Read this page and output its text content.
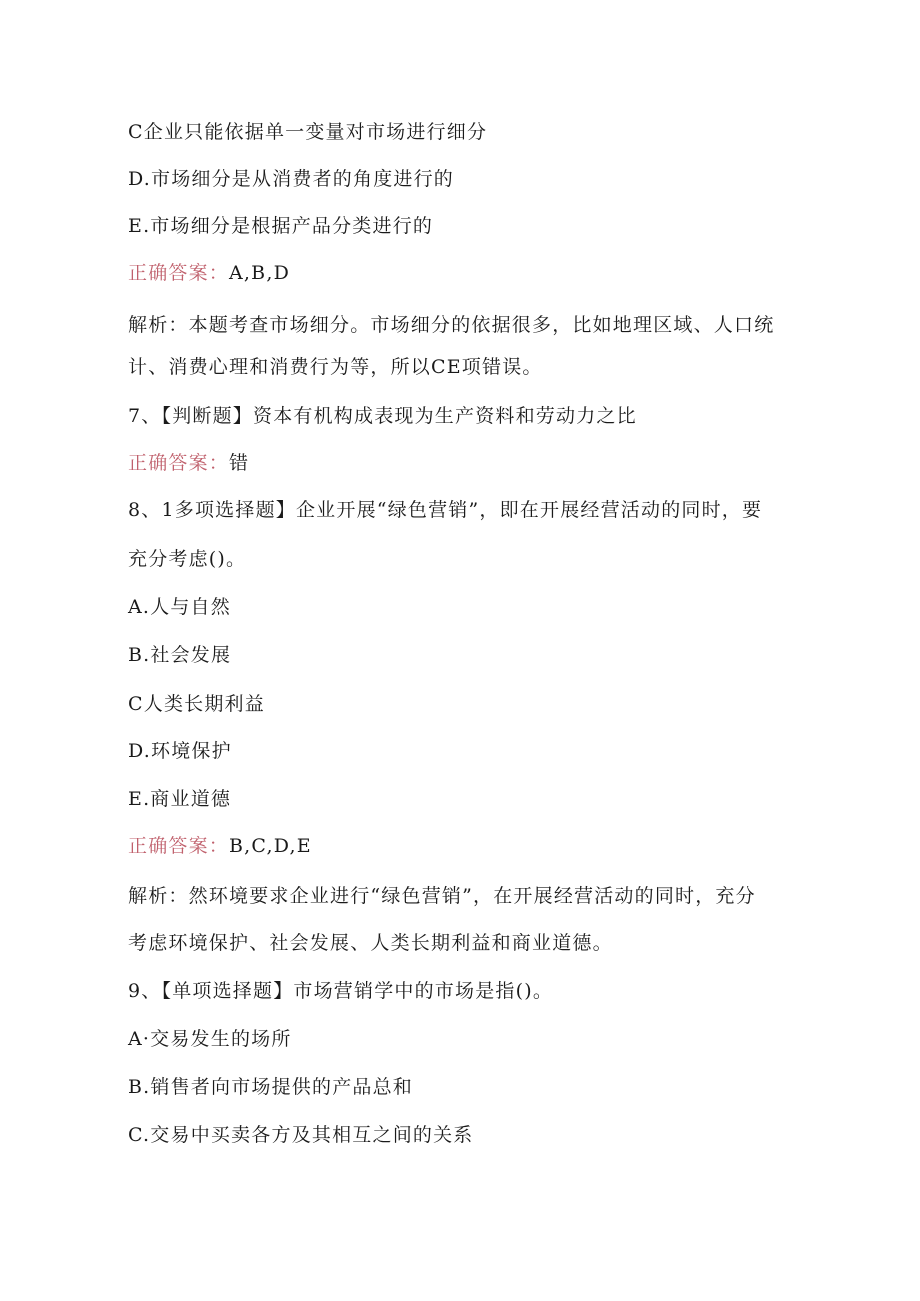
C企业只能依据单一变量对市场进行细分
D.市场细分是从消费者的角度进行的
E.市场细分是根据产品分类进行的
正确答案：A,B,D
解析：本题考查市场细分。市场细分的依据很多，比如地理区域、人口统
计、消费心理和消费行为等，所以CE项错误。
7、【判断题】资本有机构成表现为生产资料和劳动力之比
正确答案：错
8、1多项选择题】企业开展“绿色营销”，即在开展经营活动的同时，要
充分考虑()。
A.人与自然
B.社会发展
C人类长期利益
D.环境保护
E.商业道德
正确答案：B,C,D,E
解析：然环境要求企业进行“绿色营销”，在开展经营活动的同时，充分
考虑环境保护、社会发展、人类长期利益和商业道德。
9、【单项选择题】市场营销学中的市场是指()。
A·交易发生的场所
B.销售者向市场提供的产品总和
C.交易中买卖各方及其相互之间的关系
